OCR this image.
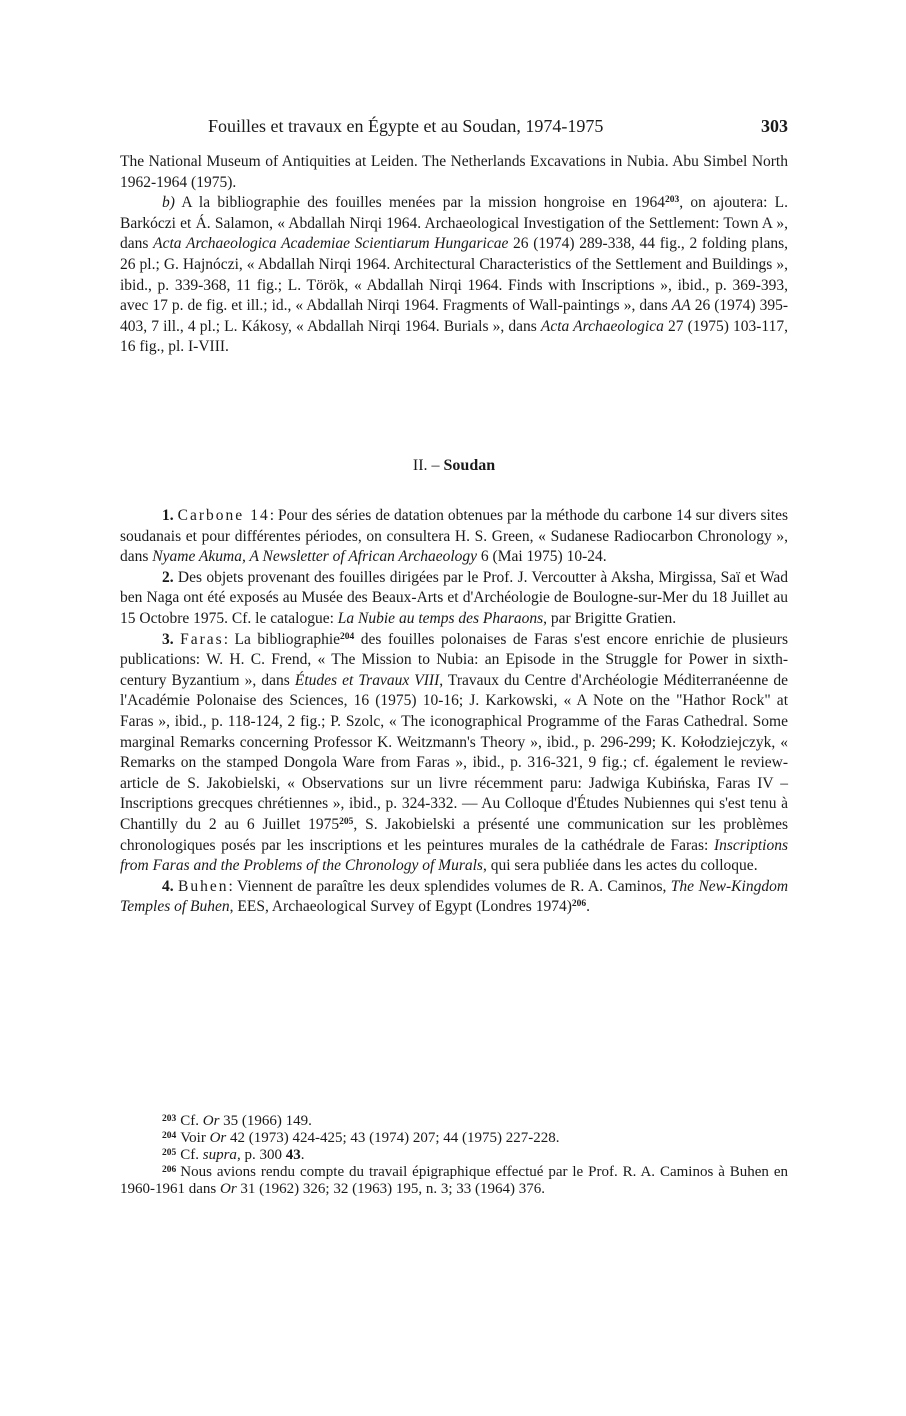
Fouilles et travaux en Égypte et au Soudan, 1974-1975	303

The National Museum of Antiquities at Leiden. The Netherlands Excavations in Nubia. Abu Simbel North 1962-1964 (1975).

b) A la bibliographie des fouilles menées par la mission hongroise en 1964$^{203}$, on ajoutera: L. Barkóczi et Á. Salamon, « Abdallah Nirqi 1964. Archaeological Investigation of the Settlement: Town A », dans Acta Archaeologica Academiae Scientiarum Hungaricae 26 (1974) 289-338, 44 fig., 2 folding plans, 26 pl.; G. Hajnóczi, « Abdallah Nirqi 1964. Architectural Characteristics of the Settlement and Buildings », ibid., p. 339-368, 11 fig.; L. Török, « Abdallah Nirqi 1964. Finds with Inscriptions », ibid., p. 369-393, avec 17 p. de fig. et ill.; id., « Abdallah Nirqi 1964. Fragments of Wall-paintings », dans AA 26 (1974) 395-403, 7 ill., 4 pl.; L. Kákosy, « Abdallah Nirqi 1964. Burials », dans Acta Archaeologica 27 (1975) 103-117, 16 fig., pl. I-VIII.

II. – Soudan

1. Carbone 14: Pour des séries de datation obtenues par la méthode du carbone 14 sur divers sites soudanais et pour différentes périodes, on consultera H. S. Green, « Sudanese Radiocarbon Chronology », dans Nyame Akuma, A Newsletter of African Archaeology 6 (Mai 1975) 10-24.

2. Des objets provenant des fouilles dirigées par le Prof. J. Vercoutter à Aksha, Mirgissa, Saï et Wad ben Naga ont été exposés au Musée des Beaux-Arts et d'Archéologie de Boulogne-sur-Mer du 18 Juillet au 15 Octobre 1975. Cf. le catalogue: La Nubie au temps des Pharaons, par Brigitte Gratien.

3. Faras: La bibliographie$^{204}$ des fouilles polonaises de Faras s'est encore enrichie de plusieurs publications: W. H. C. Frend, « The Mission to Nubia: an Episode in the Struggle for Power in sixth-century Byzantium », dans Études et Travaux VIII, Travaux du Centre d'Archéologie Méditerranéenne de l'Académie Polonaise des Sciences, 16 (1975) 10-16; J. Karkowski, « A Note on the "Hathor Rock" at Faras », ibid., p. 118-124, 2 fig.; P. Szolc, « The iconographical Programme of the Faras Cathedral. Some marginal Remarks concerning Professor K. Weitzmann's Theory », ibid., p. 296-299; K. Kołodziejczyk, « Remarks on the stamped Dongola Ware from Faras », ibid., p. 316-321, 9 fig.; cf. également le review-article de S. Jakobielski, « Observations sur un livre récemment paru: Jadwiga Kubińska, Faras IV – Inscriptions grecques chrétiennes », ibid., p. 324-332. — Au Colloque d'Études Nubiennes qui s'est tenu à Chantilly du 2 au 6 Juillet 1975$^{205}$, S. Jakobielski a présenté une communication sur les problèmes chronologiques posés par les inscriptions et les peintures murales de la cathédrale de Faras: Inscriptions from Faras and the Problems of the Chronology of Murals, qui sera publiée dans les actes du colloque.

4. Buhen: Viennent de paraître les deux splendides volumes de R. A. Caminos, The New-Kingdom Temples of Buhen, EES, Archaeological Survey of Egypt (Londres 1974)$^{206}$.

$^{203}$ Cf. Or 35 (1966) 149.

$^{204}$ Voir Or 42 (1973) 424-425; 43 (1974) 207; 44 (1975) 227-228.

$^{205}$ Cf. supra, p. 300 43.

$^{206}$ Nous avions rendu compte du travail épigraphique effectué par le Prof. R. A. Caminos à Buhen en 1960-1961 dans Or 31 (1962) 326; 32 (1963) 195, n. 3; 33 (1964) 376.
